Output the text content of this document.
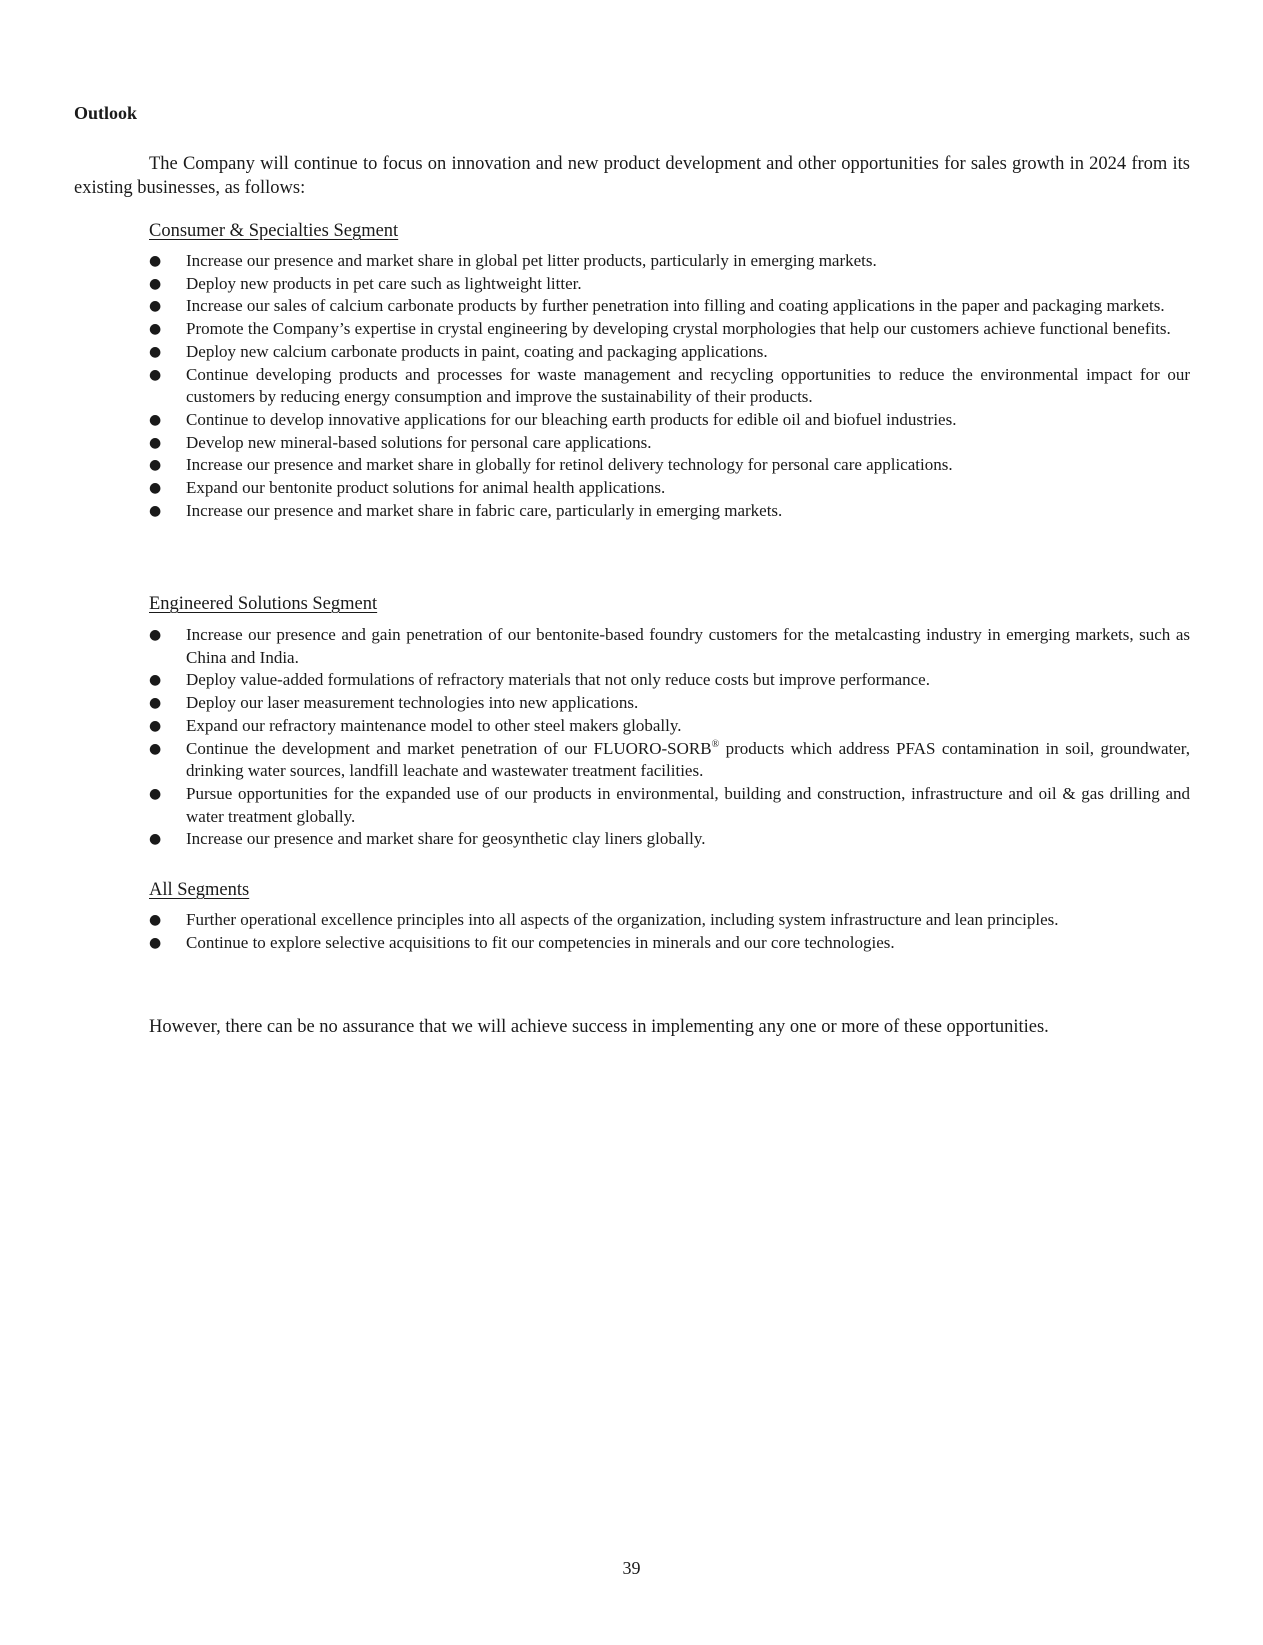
Outlook

The Company will continue to focus on innovation and new product development and other opportunities for sales growth in 2024 from its existing businesses, as follows:

Consumer & Specialties Segment

● Increase our presence and market share in global pet litter products, particularly in emerging markets.
● Deploy new products in pet care such as lightweight litter.
● Increase our sales of calcium carbonate products by further penetration into filling and coating applications in the paper and packaging markets.
● Promote the Company’s expertise in crystal engineering by developing crystal morphologies that help our customers achieve functional benefits.
● Deploy new calcium carbonate products in paint, coating and packaging applications.
● Continue developing products and processes for waste management and recycling opportunities to reduce the environmental impact for our customers by reducing energy consumption and improve the sustainability of their products.
● Continue to develop innovative applications for our bleaching earth products for edible oil and biofuel industries.
● Develop new mineral-based solutions for personal care applications.
● Increase our presence and market share in globally for retinol delivery technology for personal care applications.
● Expand our bentonite product solutions for animal health applications.
● Increase our presence and market share in fabric care, particularly in emerging markets.

Engineered Solutions Segment

● Increase our presence and gain penetration of our bentonite-based foundry customers for the metalcasting industry in emerging markets, such as China and India.
● Deploy value-added formulations of refractory materials that not only reduce costs but improve performance.
● Deploy our laser measurement technologies into new applications.
● Expand our refractory maintenance model to other steel makers globally.
● Continue the development and market penetration of our FLUORO-SORB® products which address PFAS contamination in soil, groundwater, drinking water sources, landfill leachate and wastewater treatment facilities.
● Pursue opportunities for the expanded use of our products in environmental, building and construction, infrastructure and oil & gas drilling and water treatment globally.
● Increase our presence and market share for geosynthetic clay liners globally.

All Segments

● Further operational excellence principles into all aspects of the organization, including system infrastructure and lean principles.
● Continue to explore selective acquisitions to fit our competencies in minerals and our core technologies.

However, there can be no assurance that we will achieve success in implementing any one or more of these opportunities.

39
